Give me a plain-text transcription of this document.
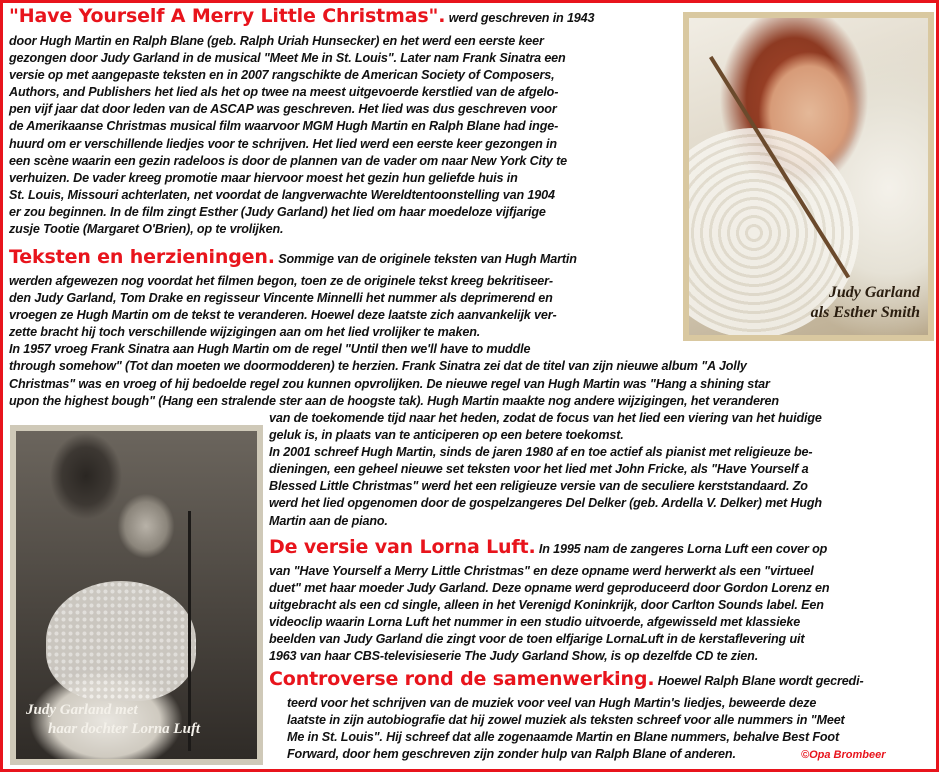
"Have Yourself A Merry Little Christmas". werd geschreven in 1943
door Hugh Martin en Ralph Blane (geb. Ralph Uriah Hunsecker) en het werd een eerste keer
gezongen door Judy Garland in de musical "Meet Me in St. Louis". Later nam Frank Sinatra een
versie op met aangepaste teksten en in 2007 rangschikte de American Society of Composers,
Authors, and Publishers het lied als het op twee na meest uitgevoerde kerstlied van de afgelo-
pen vijf jaar dat door leden van de ASCAP was geschreven. Het lied was dus geschreven voor
de Amerikaanse Christmas musical film waarvoor MGM Hugh Martin en Ralph Blane had inge-
huurd om er verschillende liedjes voor te schrijven. Het lied werd een eerste keer gezongen in
een scène waarin een gezin radeloos is door de plannen van de vader om naar New York City te
verhuizen. De vader kreeg promotie maar hiervoor moest het gezin hun geliefde huis in
St. Louis, Missouri achterlaten, net voordat de langverwachte Wereldtentoonstelling van 1904
er zou beginnen. In de film zingt Esther (Judy Garland) het lied om haar moedeloze vijfjarige
zusje Tootie (Margaret O'Brien), op te vrolijken.
Teksten en herzieningen. Sommige van de originele teksten van Hugh Martin
werden afgewezen nog voordat het filmen begon, toen ze de originele tekst kreeg bekritiseer-
den Judy Garland, Tom Drake en regisseur Vincente Minnelli het nummer als deprimerend en
vroegen ze Hugh Martin om de tekst te veranderen. Hoewel deze laatste zich aanvankelijk ver-
zette bracht hij toch verschillende wijzigingen aan om het lied vrolijker te maken.
In 1957 vroeg Frank Sinatra aan Hugh Martin om de regel "Until then we'll have to muddle
through somehow" (Tot dan moeten we doormodderen) te herzien. Frank Sinatra zei dat de titel van zijn nieuwe album "A Jolly
Christmas" was en vroeg of hij bedoelde regel zou kunnen opvrolijken. De nieuwe regel van Hugh Martin was "Hang a shining star
upon the highest bough" (Hang een stralende ster aan de hoogste tak). Hugh Martin maakte nog andere wijzigingen, het veranderen
van de toekomende tijd naar het heden, zodat de focus van het lied een viering van het huidige
geluk is, in plaats van te anticiperen op een betere toekomst.
In 2001 schreef Hugh Martin, sinds de jaren 1980 af en toe actief als pianist met religieuze be-
dieningen, een geheel nieuwe set teksten voor het lied met John Fricke, als "Have Yourself a
Blessed Little Christmas" werd het een religieuze versie van de seculiere kerststandaard. Zo
werd het lied opgenomen door de gospelzangeres Del Delker (geb. Ardella V. Delker) met Hugh
Martin aan de piano.
De versie van Lorna Luft. In 1995 nam de zangeres Lorna Luft een cover op
van "Have Yourself a Merry Little Christmas" en deze opname werd herwerkt als een "virtueel
duet" met haar moeder Judy Garland. Deze opname werd geproduceerd door Gordon Lorenz en
uitgebracht als een cd single, alleen in het Verenigd Koninkrijk, door Carlton Sounds label. Een
videoclip waarin Lorna Luft het nummer in een studio uitvoerde, afgewisseld met klassieke
beelden van Judy Garland die zingt voor de toen elfjarige LornaLuft in de kerstaflevering uit
1963 van haar CBS-televisieserie The Judy Garland Show, is op dezelfde CD te zien.
Controverse rond de samenwerking. Hoewel Ralph Blane wordt gecredi-
teerd voor het schrijven van de muziek voor veel van Hugh Martin's liedjes, beweerde deze
laatste in zijn autobiografie dat hij zowel muziek als teksten schreef voor alle nummers in "Meet
Me in St. Louis". Hij schreef dat alle zogenaamde Martin en Blane nummers, behalve Best Foot
Forward, door hem geschreven zijn zonder hulp van Ralph Blane of anderen.
Judy Garland
als Esther Smith
Judy Garland met
haar dochter Lorna Luft
©Opa Brombeer
